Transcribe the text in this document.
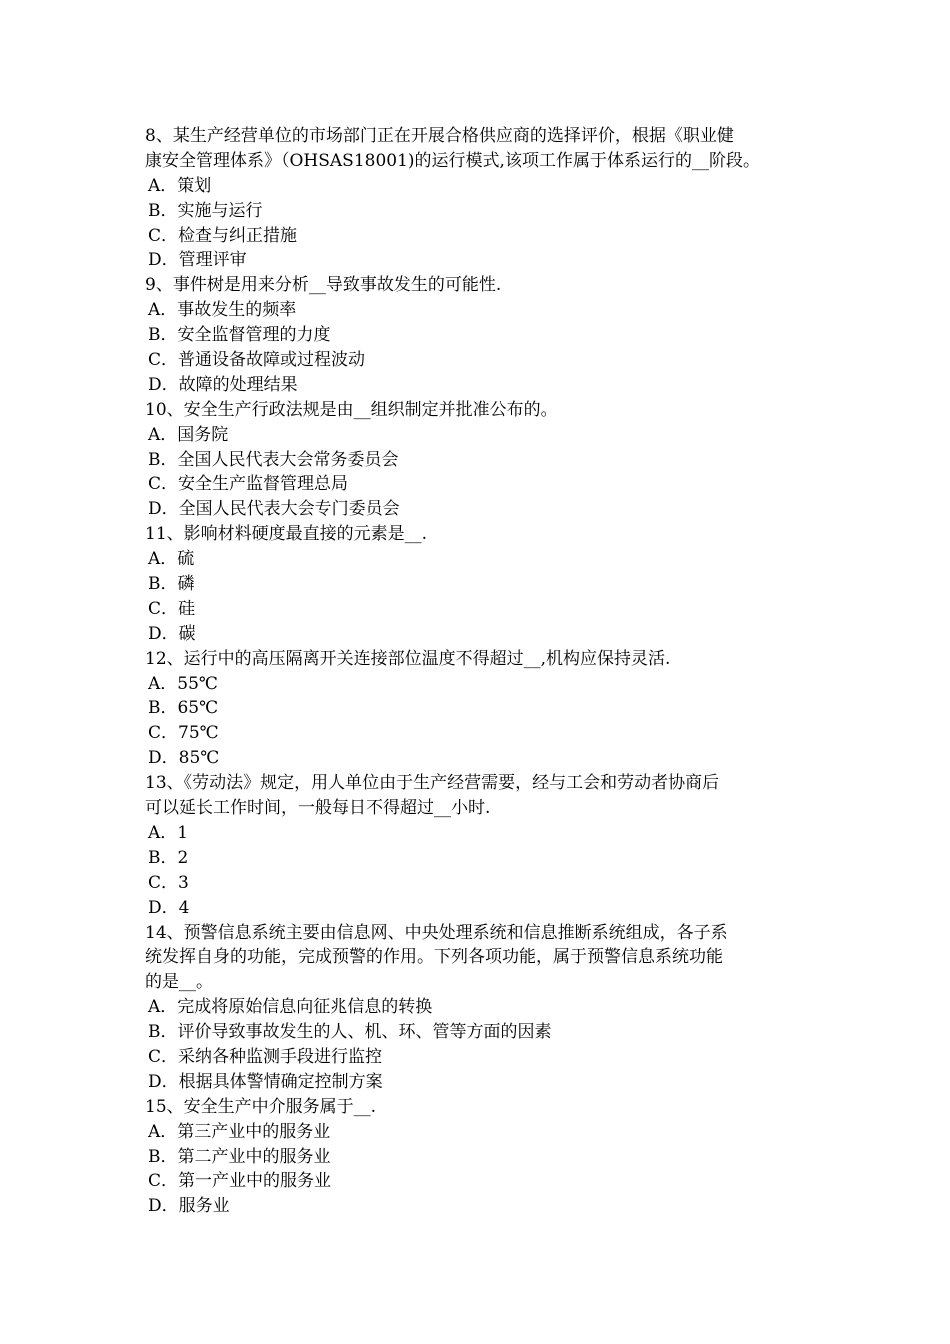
8、某生产经营单位的市场部门正在开展合格供应商的选择评价，根据《职业健
康安全管理体系》（OHSAS18001)的运行模式,该项工作属于体系运行的__阶段。
A．策划
B．实施与运行
C．检查与纠正措施
D．管理评审
9、事件树是用来分析__导致事故发生的可能性.
A．事故发生的频率
B．安全监督管理的力度
C．普通设备故障或过程波动
D．故障的处理结果
10、安全生产行政法规是由__组织制定并批准公布的。
A．国务院
B．全国人民代表大会常务委员会
C．安全生产监督管理总局
D．全国人民代表大会专门委员会
11、影响材料硬度最直接的元素是__.
A．硫
B．磷
C．硅
D．碳
12、运行中的高压隔离开关连接部位温度不得超过__,机构应保持灵活.
A．55℃
B．65℃
C．75℃
D．85℃
13、《劳动法》规定，用人单位由于生产经营需要，经与工会和劳动者协商后
可以延长工作时间，一般每日不得超过__小时.
A．1
B．2
C．3
D．4
14、预警信息系统主要由信息网、中央处理系统和信息推断系统组成，各子系
统发挥自身的功能，完成预警的作用。下列各项功能，属于预警信息系统功能
的是__。
A．完成将原始信息向征兆信息的转换
B．评价导致事故发生的人、机、环、管等方面的因素
C．采纳各种监测手段进行监控
D．根据具体警情确定控制方案
15、安全生产中介服务属于__.
A．第三产业中的服务业
B．第二产业中的服务业
C．第一产业中的服务业
D．服务业
